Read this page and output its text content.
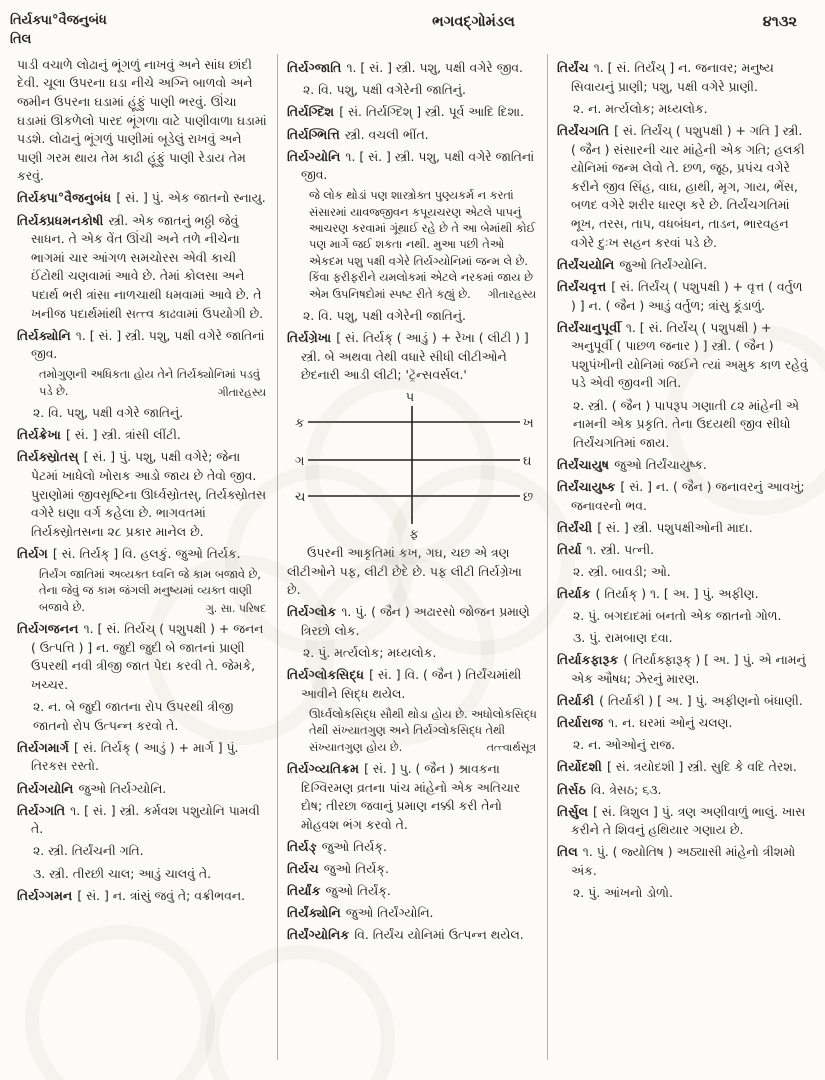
તિર્યક્પા°વૈજનુબંધ
તિલ
ભગવદ્ગોમંડલ	૪૧૩૨

પાડી વચાળે લોઢાનું ભૂંગળું નાખવું અને સાંધ છાંદી દેવી. ચૂલા ઉપરના ઘડા નીચે અગ્નિ બાળવો અને જમીન ઉપરના ઘડામાં હૂંફું પાણી ભરવું. ઊંચા ઘડામાં ઊકળેલો પારદ ભૂંગળા વાટે પાણીવાળા ઘડામાં પડશે. લોઢાનું ભૂંગળું પાણીમાં બૂડેલું રાખવું અને પાણી ગરમ થાય તેમ કાઢી હૂંફું પાણી રેડાય તેમ કરવું.

તિર્યક્પા°વૈજનુબંધ [ સં. ] પું. એક જાતનો સ્નાયુ.

તિર્યક્પ્રધમનકોષી સ્ત્રી. એક જાતનું ભઠ્ઠી જેવું સાધન. તે એક વેંત ઊંચી અને તળે નીચેના ભાગમાં ચાર આંગળ સમચોરસ એવી કાચી ઈંટોથી ચણવામાં આવે છે. તેમાં કોલસા અને પદાર્થ ભરી ત્રાંસા નાળચાથી ધમવામાં આવે છે. તે ખનીજ પદાર્થમાંથી સત્ત્વ કાઢવામાં ઉપયોગી છે.

તિર્યક્યોનિ ૧. [ સં. ] સ્ત્રી. પશુ, પક્ષી વગેરે જાતિનાં જીવ.

તમોગુણની અધિકતા હોય તેને તિર્યક્યોનિમાં પડવું પડે છે.	ગીતારહસ્ય

૨. વિ. પશુ, પક્ષી વગેરે જાતિનું.

તિર્યક્રેખા [ સં. ] સ્ત્રી. ત્રાંસી લીંટી.

તિર્યક્સ્રોતસ્ [ સં. ] પું. પશુ, પક્ષી વગેરે; જેના પેટમાં ખાધેલો ખોરાક આડો જાય છે તેવો જીવ. પુરાણોમાં જીવસૃષ્ટિના ઊર્ધ્વસ્રોતસ્, તિર્યક્સ્રોતસ વગેરે ઘણા વર્ગ કહેલા છે. ભાગવતમાં તિર્યક્સ્રોતસના ૨૮ પ્રકાર માનેલ છે.

તિર્યગ [ સં. તિર્યક્ ] વિ. હલકું. જુઓ તિર્યક.

તિર્યંગ જાતિમાં અવ્યક્ત ધ્વનિ જે કામ બજાવે છે, તેના જેવું જ કામ જંગલી મનુષ્યમાં વ્યક્ત વાણી બજાવે છે.	ગુ. સા. પરિષદ

તિર્યગજનન ૧. [ સં. તિર્યચ્ ( પશુપક્ષી ) + જનન ( ઉત્પત્તિ ) ] ન. જુદી જુદી બે જાતનાં પ્રાણી ઉપરથી નવી ત્રીજી જાત પેદા કરવી તે. જેમકે, ખચ્ચર.

૨. ન. બે જુદી જાતના રોપ ઉપરથી ત્રીજી જાતનો રોપ ઉત્પન્ન કરવો તે.

તિર્યગમાર્ગ [ સં. તિર્યક્ ( આડું ) + માર્ગ ] પું. તિરકસ રસ્તો.

તિર્યગયોનિ જુઓ તિર્યગ્યોનિ.

તિર્યગ્ગતિ ૧. [ સં. ] સ્ત્રી. કર્મવશ પશુયોનિ પામવી તે.

૨. સ્ત્રી. તિર્યંચની ગતિ.

૩. સ્ત્રી. તીરછી ચાલ; આડું ચાલવું તે.

તિર્યગ્ગમન [ સં. ] ન. ત્રાંસું જવું તે; વક્રીભવન.

તિર્યગ્જાતિ ૧. [ સં. ] સ્ત્રી. પશુ, પક્ષી વગેરે જીવ.

૨. વિ. પશુ, પક્ષી વગેરેની જાતિનું.

તિર્યગ્દિશ [ સં. તિર્યગ્દિશ્ ] સ્ત્રી. પૂર્વ આદિ દિશા.

તિર્યગ્ભિત્તિ સ્ત્રી. વચલી ભીંત.

તિર્યગ્યોનિ ૧. [ સં. ] સ્ત્રી. પશુ, પક્ષી વગેરે જાતિનાં જીવ.

જે લોક થોડાં પણ શાસ્ત્રોક્ત પુણ્યકર્મ ન કરતાં સંસારમાં યાવજ્જીવન કપૂયચરણ એટલે પાપનું આચરણ કરવામાં ગૂંથાઈ રહે છે તે આ બેમાંથી કોઈ પણ માર્ગે જઈ શકતા નથી. મુઆ પછી તેઓ એકદમ પશુ પક્ષી વગેરે તિર્યગ્યોનિમાં જન્મ લે છે. કિંવા ફરીફરીને યમલોકમાં એટલે નરકમાં જાય છે એમ ઉપનિષદોમાં સ્પષ્ટ રીતે કહ્યું છે. ગીતારહસ્ય

૨. વિ. પશુ, પક્ષી વગેરેની જાતિનું.

તિર્યગ્રેખા [ સં. તિર્યક્ ( આડું ) + રેખા ( લીટી ) ] સ્ત્રી. બે અથવા તેથી વધારે સીધી લીટીઓને છેદનારી આડી લીટી; 'ટ્રૅન્સવર્સલ.'

પ
ફ
ક
ગ
ચ
ખ
ઘ
છ

ઉપરની આકૃતિમાં કખ, ગઘ, ચછ એ ત્રણ લીટીઓને પફ, લીટી છેદે છે. પફ લીટી તિર્યગ્રેખા છે.

તિર્યગ્લોક ૧. પું. ( જૈન ) અઢારસો જોજન પ્રમાણે ત્રિરછો લોક.

૨. પું. મર્ત્યલોક; મધ્યલોક.

તિર્યગ્લોકસિદ્ધ [ સં. ] વિ. ( જૈન ) તિર્યંચમાંથી આવીને સિદ્ધ થયેલ.

ઊર્ધ્વલોકસિદ્ધ સૌથી થોડા હોય છે. અધોલોકસિદ્ધ તેથી સંખ્યાતગુણ અને તિર્યગ્લોકસિદ્ધ તેથી સંખ્યાતગુણ હોય છે.	તત્ત્વાર્થસૂત્ર

તિર્યગ્વ્યતિક્રમ [ સં. ] પુ. ( જૈન ) શ્રાવકના દિગ્વિરમણ વ્રતના પાંચ માંહેનો એક અતિચાર દોષ; તીરછા જવાનું પ્રમાણ નક્કી કરી તેનો મોહવશ ભંગ કરવો તે.

તિર્યઙ્ જુઓ તિર્યક્.

તિર્યચ જુઓ તિર્યક્.

તિર્યાંક જુઓ તિર્યંક્.

તિર્યંક્યોનિ જુઓ તિર્યંગ્યોનિ.

તિર્યંગ્યોનિક વિ. તિર્યંચ યોનિમાં ઉત્પન્ન થયેલ.

તિર્યંચ ૧. [ સં. તિર્યંચ્ ] ન. જનાવર; મનુષ્ય સિવાયનું પ્રાણી; પશુ, પક્ષી વગેરે પ્રાણી.

૨. ન. મર્ત્યલોક; મધ્યલોક.

તિર્યંચગતિ [ સં. તિર્યંચ્ ( પશુપક્ષી ) + ગતિ ] સ્ત્રી. ( જૈન ) સંસારની ચાર માંહેની એક ગતિ; હલકી યોનિમાં જન્મ લેવો તે. છળ, જૂઠ, પ્રપંચ વગેરે કરીને જીવ સિંહ, વાઘ, હાથી, મૃગ, ગાય, ભેંસ, બળદ વગેરે શરીર ધારણ કરે છે. તિર્યંચગતિમાં ભૂખ, તરસ, તાપ, વધબંધન, તાડન, ભારવહન વગેરે દુઃખ સહન કરવાં પડે છે.

તિર્યંચયોનિ જુઓ તિર્યંગ્યોનિ.

તિર્યંચવૃત્ત [ સં. તિર્યંચ્ ( પશુપક્ષી ) + વૃત્ત ( વર્તુળ ) ] ન. ( જૈન ) આડું વર્તુળ; ત્રાંસુ કૂંડાળું.

તિર્યંચાનુપૂર્વી ૧. [ સં. તિર્યંચ્ ( પશુપક્ષી ) + અનુપૂર્વી ( પાછળ જનાર ) ] સ્ત્રી. ( જૈન ) પશુપંખીની યોનિમાં જઈને ત્યાં અમુક કાળ રહેવું પડે એવી જીવની ગતિ.

૨. સ્ત્રી. ( જૈન ) પાપરૂપ ગણાતી ૮૨ માંહેની એ નામની એક પ્રકૃતિ. તેના ઉદયથી જીવ સીધો તિર્યંચગતિમાં જાય.

તિર્યંચાયુષ જુઓ તિર્યંચાયુષ્ક.

તિર્યંચાયુષ્ક [ સં. ] ન. ( જૈન ) જનાવરનું આવખું; જનાવરનો ભવ.

તિર્યંચી [ સં. ] સ્ત્રી. પશુપક્ષીઓની માદા.

તિર્યા ૧. સ્ત્રી. પત્ની.

૨. સ્ત્રી. બાવડી; ઓ.

તિર્યાક ( તિર્યાક્ ) ૧. [ અ. ] પું. અફીણ.

૨. પું. બગદાદમાં બનતો એક જાતનો ગોળ.

૩. પું. રામબાણ દવા.

તિર્યાકફારૂક ( તિર્યાક્ફારૂક્ ) [ અ. ] પું. એ નામનું એક ઔષધ; ઝેરનું મારણ.

તિર્યાકી ( તિર્યાકી ) [ અ. ] પું. અફીણનો બંધાણી.

તિર્યારાજ ૧. ન. ઘરમાં ઓનું ચલણ.

૨. ન. ઓઓનું રાજ.

તિર્યોદશી [ સં. ત્રયોદશી ] સ્ત્રી. સુદિ કે વદિ તેરશ.

તિર્સઠ વિ. ત્રેસઠ; ૬૩.

તિર્સુલ [ સં. ત્રિશુલ ] પું. ત્રણ અણીવાળું ભાલું. ખાસ કરીને તે શિવનું હથિયાર ગણાય છે.

તિલ ૧. પું. ( જ્યોતિષ ) અઠ્યાસી માંહેનો ત્રીશમો અંક.

૨. પું. આંખનો ડોળો.
